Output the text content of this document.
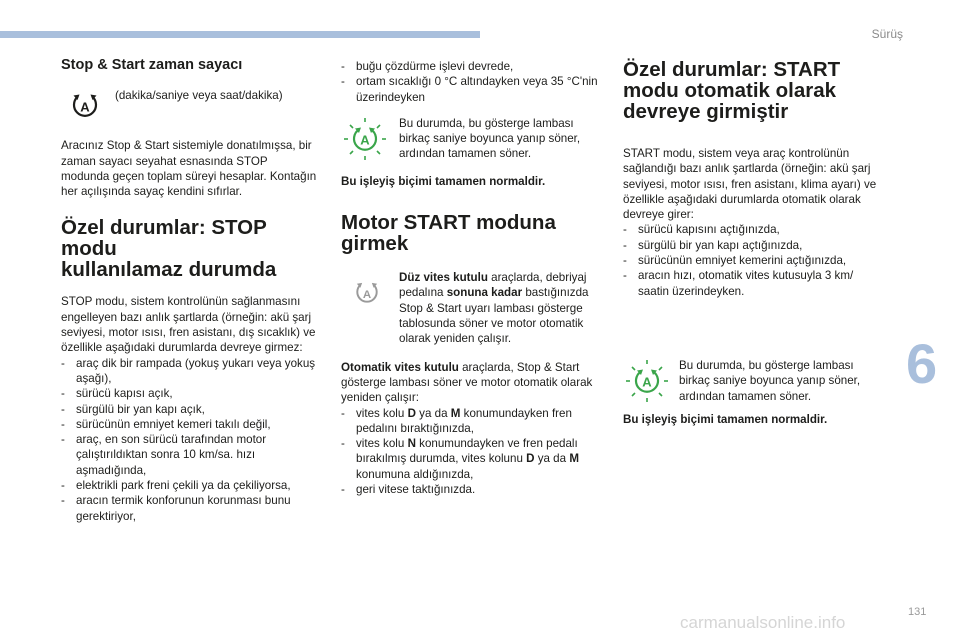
Sürüş
6
131
carmanualsonline.info
Stop & Start zaman sayacı
A
(dakika/saniye veya saat/dakika)

Aracınız Stop & Start sistemiyle donatılmışsa, bir zaman sayacı seyahat esnasında STOP modunda geçen toplam süreyi hesaplar. Kontağın her açılışında sayaç kendini sıfırlar.

Özel durumlar: STOP modu
kullanılamaz durumda

STOP modu, sistem kontrolünün sağlanmasını engelleyen bazı anlık şartlarda (örneğin: akü şarj seviyesi, motor ısısı, fren asistanı, dış sıcaklık) ve özellikle aşağıdaki durumlarda devreye girmez:

- araç dik bir rampada (yokuş yukarı veya yokuş aşağı),
- sürücü kapısı açık,
- sürgülü bir yan kapı açık,
- sürücünün emniyet kemeri takılı değil,
- araç, en son sürücü tarafından motor çalıştırıldıktan sonra 10 km/sa. hızı aşmadığında,
- elektrikli park freni çekili ya da çekiliyorsa,
- aracın termik konforunun korunması bunu gerektiriyor,
- buğu çözdürme işlevi devrede,
- ortam sıcaklığı 0 °C altındayken veya 35 °C'nin üzerindeyken
A
Bu durumda, bu gösterge lambası birkaç saniye boyunca yanıp söner, ardından tamamen söner.

Bu işleyiş biçimi tamamen normaldir.

Motor START moduna
girmek
A
Düz vites kutulu araçlarda, debriyaj pedalına sonuna kadar bastığınızda Stop & Start uyarı lambası gösterge tablosunda söner ve motor otomatik olarak yeniden çalışır.

Otomatik vites kutulu araçlarda, Stop & Start gösterge lambası söner ve motor otomatik olarak yeniden çalışır:

- vites kolu D ya da M konumundayken fren pedalını bıraktığınızda,
- vites kolu N konumundayken ve fren pedalı bırakılmış durumda, vites kolunu D ya da M konumuna aldığınızda,
- geri vitese taktığınızda.
Özel durumlar: START
modu otomatik olarak
devreye girmiştir

START modu, sistem veya araç kontrolünün sağlandığı bazı anlık şartlarda (örneğin: akü şarj seviyesi, motor ısısı, fren asistanı, klima ayarı) ve özellikle aşağıdaki durumlarda otomatik olarak devreye girer:

- sürücü kapısını açtığınızda,
- sürgülü bir yan kapı açtığınızda,
- sürücünün emniyet kemerini açtığınızda,
- aracın hızı, otomatik vites kutusuyla 3 km/ saatin üzerindeyken.
A
Bu durumda, bu gösterge lambası birkaç saniye boyunca yanıp söner, ardından tamamen söner.

Bu işleyiş biçimi tamamen normaldir.
